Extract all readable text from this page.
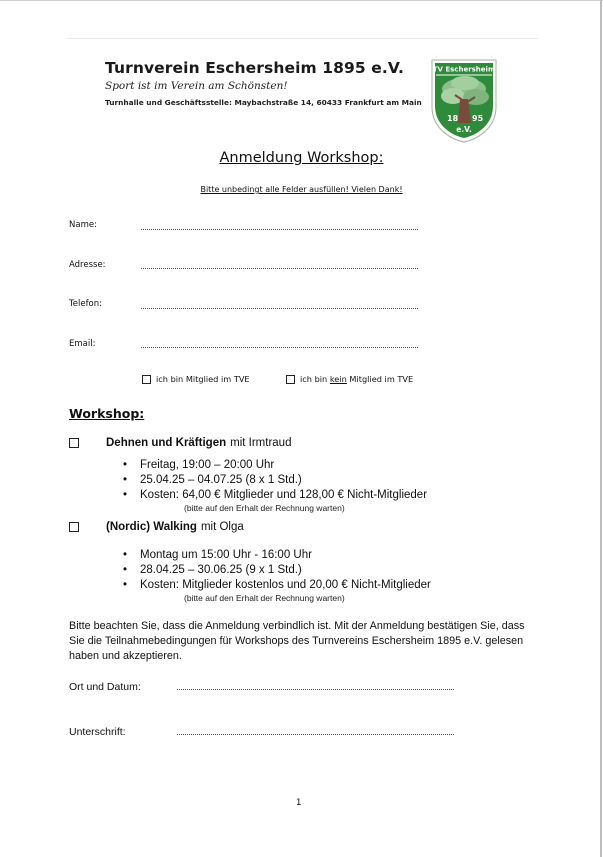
Turnverein Eschersheim 1895 e.V.
Sport ist im Verein am Schönsten!
Turnhalle und Geschäftsstelle: Maybachstraße 14, 60433 Frankfurt am Main
TV Eschersheim
18 95
e.V.
Anmeldung Workshop:
Bitte unbedingt alle Felder ausfüllen! Vielen Dank!
Name:
Adresse:
Telefon:
Email:
ich bin Mitglied im TVE	ich bin
kein
Mitglied im TVE
Workshop:
Dehnen und Kräftigen mit Irmtraud
• Freitag, 19:00 – 20:00 Uhr
• 25.04.25 – 04.07.25 (8 x 1 Std.)
• Kosten: 64,00 € Mitglieder und 128,00 € Nicht-Mitglieder
(bitte auf den Erhalt der Rechnung warten)
(Nordic) Walking mit Olga
• Montag um 15:00 Uhr - 16:00 Uhr
• 28.04.25 – 30.06.25 (9 x 1 Std.)
• Kosten: Mitglieder kostenlos und 20,00 € Nicht-Mitglieder
(bitte auf den Erhalt der Rechnung warten)
Bitte beachten Sie, dass die Anmeldung verbindlich ist. Mit der Anmeldung bestätigen Sie, dass Sie die Teilnahmebedingungen für Workshops des Turnvereins Eschersheim 1895 e.V. gelesen haben und akzeptieren.
Ort und Datum:
Unterschrift:
1
